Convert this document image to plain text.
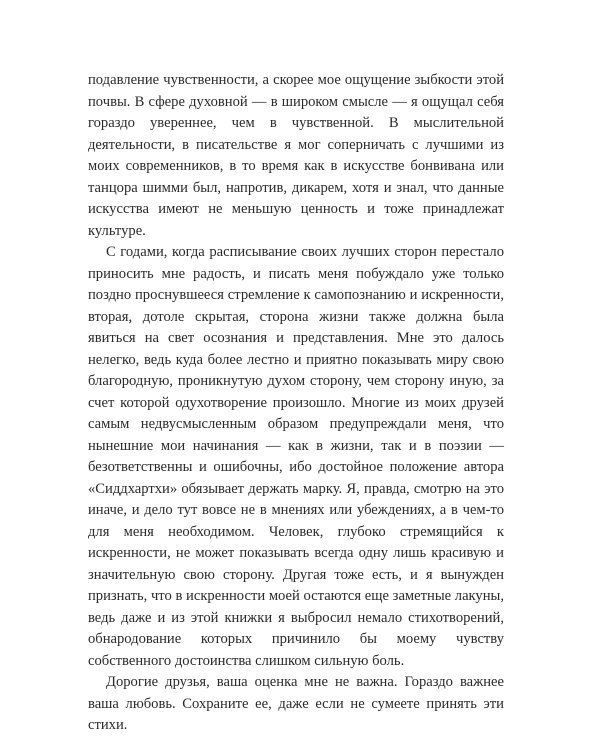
подавление чувственности, а скорее мое ощущение зыбкости этой почвы. В сфере духовной — в широком смысле — я ощущал себя гораздо увереннее, чем в чувственной. В мыслительной деятельности, в писательстве я мог соперничать с лучшими из моих современников, в то время как в искусстве бонвивана или танцора шимми был, напротив, дикарем, хотя и знал, что данные искусства имеют не меньшую ценность и тоже принадлежат культуре.

С годами, когда расписывание своих лучших сторон перестало приносить мне радость, и писать меня побуждало уже только поздно проснувшееся стремление к самопознанию и искренности, вторая, дотоле скрытая, сторона жизни также должна была явиться на свет осознания и представления. Мне это далось нелегко, ведь куда более лестно и приятно показывать миру свою благородную, проникнутую духом сторону, чем сторону иную, за счет которой одухотворение произошло. Многие из моих друзей самым недвусмысленным образом предупреждали меня, что нынешние мои начинания — как в жизни, так и в поэзии — безответственны и ошибочны, ибо достойное положение автора «Сиддхартхи» обязывает держать марку. Я, правда, смотрю на это иначе, и дело тут вовсе не в мнениях или убеждениях, а в чем-то для меня необходимом. Человек, глубоко стремящийся к искренности, не может показывать всегда одну лишь красивую и значительную свою сторону. Другая тоже есть, и я вынужден признать, что в искренности моей остаются еще заметные лакуны, ведь даже и из этой книжки я выбросил немало стихотворений, обнародование которых причинило бы моему чувству собственного достоинства слишком сильную боль.

Дорогие друзья, ваша оценка мне не важна. Гораздо важнее ваша любовь. Сохраните ее, даже если не сумеете принять эти стихи.
